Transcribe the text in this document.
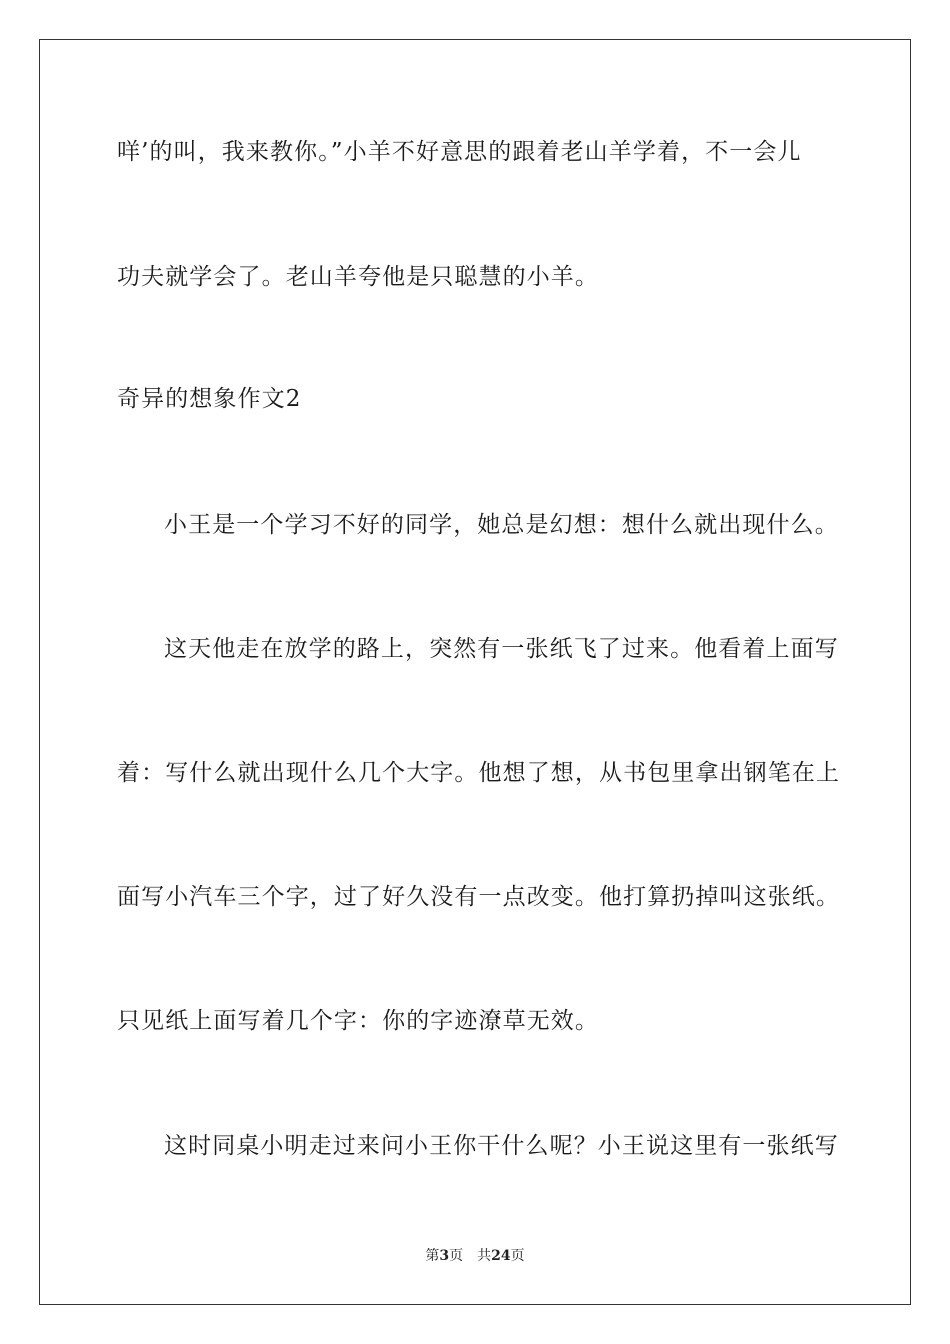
咩’的叫，我来教你。”小羊不好意思的跟着老山羊学着，不一会儿
功夫就学会了。老山羊夸他是只聪慧的小羊。
奇异的想象作文2
小王是一个学习不好的同学，她总是幻想：想什么就出现什么。
这天他走在放学的路上，突然有一张纸飞了过来。他看着上面写
着：写什么就出现什么几个大字。他想了想，从书包里拿出钢笔在上
面写小汽车三个字，过了好久没有一点改变。他打算扔掉叫这张纸。
只见纸上面写着几个字：你的字迹潦草无效。
这时同桌小明走过来问小王你干什么呢？小王说这里有一张纸写
第3页 共24页
